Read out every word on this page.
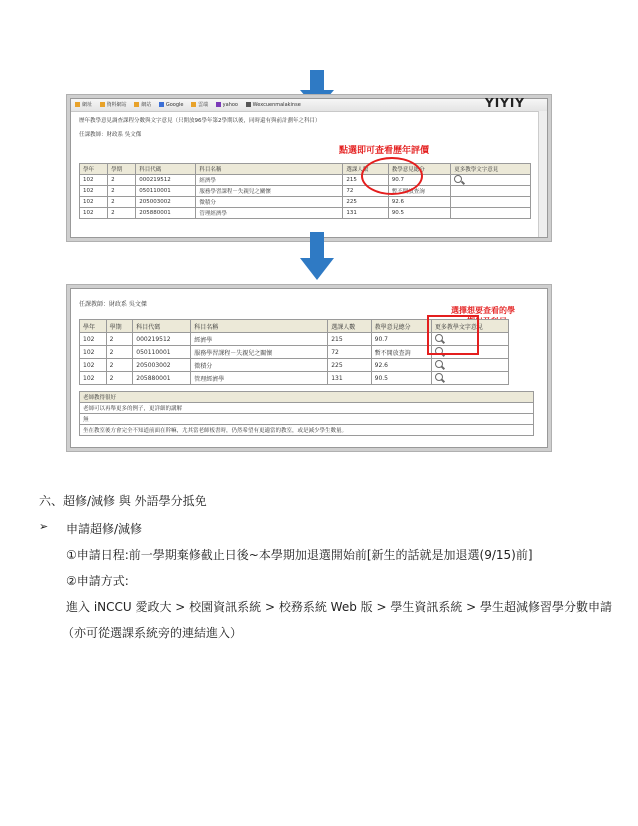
網址	資料網站	網站	Google	雲端	yahoo	Wexcuenmalakinse	YIYIY
歷年教學意見調查課程分數與文字意見（只開放96學年第2學期以後，同時還有與前計劃年之科目）
任課教師：財政系 吳文傑
點選即可查看歷年評價
學年	學期	科目代碼	科目名稱	選課人數	教學意見總分	更多教學文字意見
102	2	000219512	經濟學	215	90.7	
102	2	050110001	服務學習課程－失親兒之關懷	72	暫不開放查詢	
102	2	205003002	微積分	225	92.6	
102	2	205880001	管理經濟學	131	90.5	
任課教師：財政系 吳文傑
選擇想要查看的學
學年	學期	科目代碼	科目名稱	選課人數	教學意見總分	更多教學文字意見
102	2	000219512	經濟學	215	90.7	
102	2	050110001	服務學習課程－失親兒之關懷	72	暫不開放查詢	
102	2	205003002	微積分	225	92.6	
102	2	205880001	管理經濟學	131	90.5	
老師教得很好
老師可以再舉更多的例子，更詳細的講解
無
坐在教室後方會完全不知道前面在幹嘛，尤其當老師板書時，仍然希望有更適當的教室，或是減少學生數量。
六、超修/減修 與 外語學分抵免
➢ 申請超修/減修
①申請日程:前一學期棄修截止日後~本學期加退選開始前[新生的話就是加退選(9/15)前]
②申請方式:
進入 iNCCU 愛政大 > 校園資訊系統 > 校務系統 Web 版 > 學生資訊系統 > 學生超減修習學分數申請
（亦可從選課系統旁的連結進入）
